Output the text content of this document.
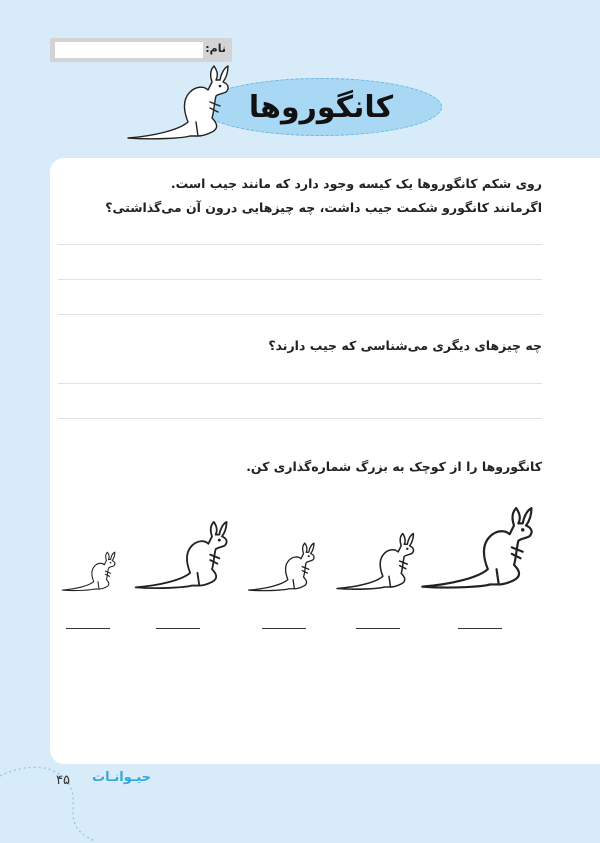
نام:
کانگوروها
روی شکم کانگوروها یک کیسه وجود دارد که مانند جیب است.
اگرمانند کانگورو شکمت جیب داشت، چه چیزهایی درون آن می‌گذاشتی؟
چه چیزهای دیگری می‌شناسی که جیب دارند؟
کانگوروها را از کوچک به بزرگ شماره‌گذاری کن.
۴۵ حیـوانـات
